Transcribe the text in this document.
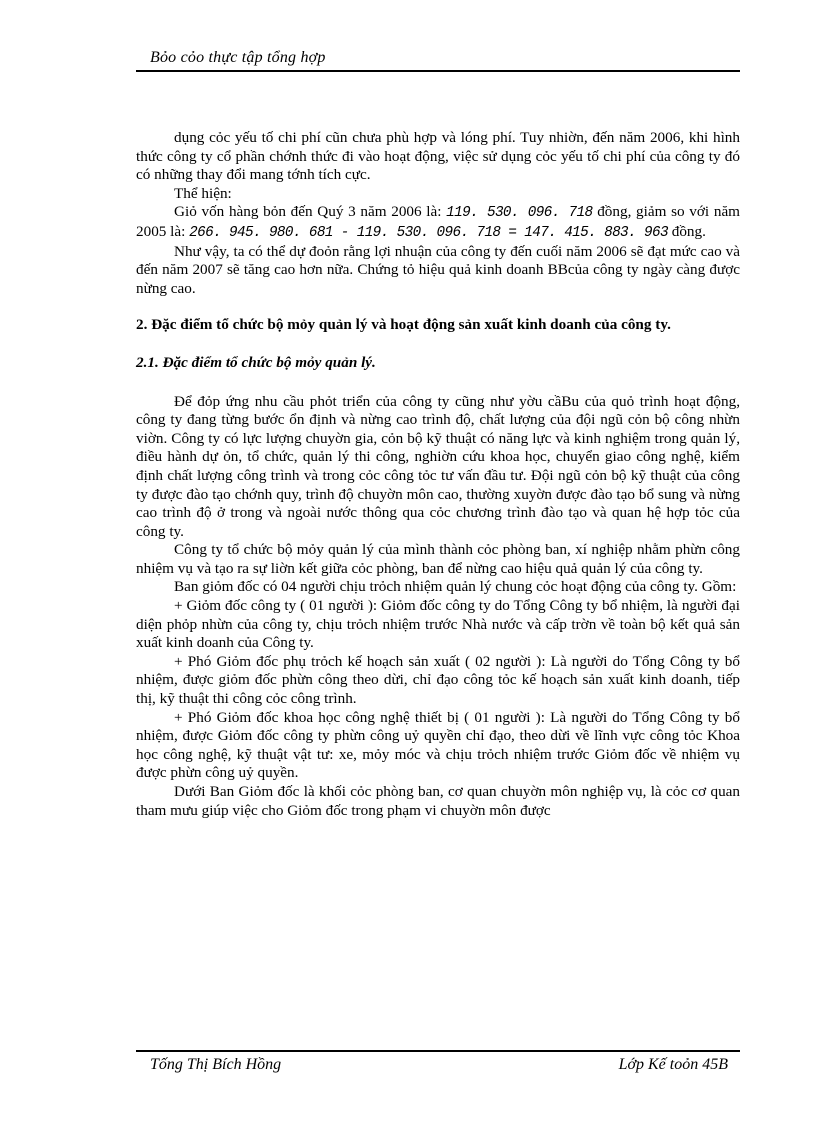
Bỏo cỏo thực tập tổng hợp

dụng cỏc yếu tố chi phí cũn chưa phù hợp và lóng phí. Tuy nhiờn, đến năm 2006, khi hình thức công ty cổ phần chớnh thức đi vào hoạt động, việc sử dụng cỏc yếu tố chi phí của công ty đó có những thay đổi mang tớnh tích cực.

Thể hiện:

Giỏ vốn hàng bỏn đến Quý 3 năm 2006 là: 119. 530. 096. 718 đồng, giảm so với năm 2005 là: 266. 945. 980. 681 - 119. 530. 096. 718 = 147. 415. 883. 963 đồng.

Như vậy, ta có thể dự đoỏn rằng lợi nhuận của công ty đến cuối năm 2006 sẽ đạt mức cao và đến năm 2007 sẽ tăng cao hơn nữa. Chứng tỏ hiệu quả kinh doanh BBcủa công ty ngày càng được nừng cao.

2. Đặc điểm tổ chức bộ mỏy quản lý và hoạt động sản xuất kinh doanh của công ty.

2.1. Đặc điểm tổ chức bộ mỏy quản lý.

Để đỏp ứng nhu cầu phỏt triển của công ty cũng như yờu cầBu của quỏ trình hoạt động, công ty đang từng bước ổn định và nừng cao trình độ, chất lượng của đội ngũ cỏn bộ công nhừn viờn. Công ty có lực lượng chuyờn gia, cỏn bộ kỹ thuật có năng lực và kinh nghiệm trong quản lý, điều hành dự ỏn, tổ chức, quản lý thi công, nghiờn cứu khoa học, chuyển giao công nghệ, kiểm định chất lượng công trình và trong cỏc công tỏc tư vấn đầu tư. Đội ngũ cỏn bộ kỹ thuật của công ty được đào tạo chớnh quy, trình độ chuyờn môn cao, thường xuyờn được đào tạo bổ sung và nừng cao trình độ ở trong và ngoài nước thông qua cỏc chương trình đào tạo và quan hệ hợp tỏc của công ty.

Công ty tổ chức bộ mỏy quản lý của mình thành cỏc phòng ban, xí nghiệp nhằm phừn công nhiệm vụ và tạo ra sự liờn kết giữa cỏc phòng, ban để nừng cao hiệu quả quản lý của công ty.

Ban giỏm đốc có 04 người chịu trỏch nhiệm quản lý chung cỏc hoạt động của công ty. Gồm:

+ Giỏm đốc công ty ( 01 người ): Giỏm đốc công ty do Tổng Công ty bổ nhiệm, là người đại diện phỏp nhừn của công ty, chịu trỏch nhiệm trước Nhà nước và cấp trờn về toàn bộ kết quả sản xuất kinh doanh của Công ty.

+ Phó Giỏm đốc phụ trỏch kế hoạch sản xuất ( 02 người ): Là người do Tổng Công ty bổ nhiệm, được giỏm đốc phừn công theo dừi, chỉ đạo công tỏc kế hoạch sản xuất kinh doanh, tiếp thị, kỹ thuật thi công cỏc công trình.

+ Phó Giỏm đốc khoa học công nghệ thiết bị ( 01 người ): Là người do Tổng Công ty bổ nhiệm, được Giỏm đốc công ty phừn công uỷ quyền chỉ đạo, theo dừi về lĩnh vực công tỏc Khoa học công nghệ, kỹ thuật vật tư: xe, mỏy móc và chịu trỏch nhiệm trước Giỏm đốc về nhiệm vụ được phừn công uỷ quyền.

Dưới Ban Giỏm đốc là khối cỏc phòng ban, cơ quan chuyờn môn nghiệp vụ, là cỏc cơ quan tham mưu giúp việc cho Giỏm đốc trong phạm vi chuyờn môn được

Tống Thị Bích Hồng	Lớp Kế toỏn 45B
